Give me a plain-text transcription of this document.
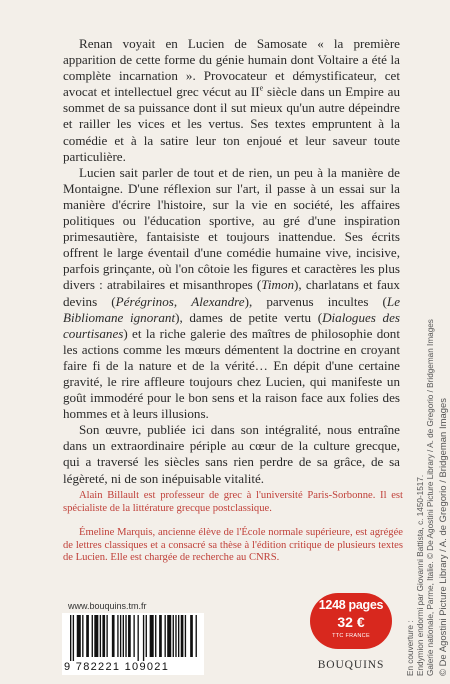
Renan voyait en Lucien de Samosate « la première apparition de cette forme du génie humain dont Voltaire a été la complète incarnation ». Provocateur et démystificateur, cet avocat et intellectuel grec vécut au IIe siècle dans un Empire au sommet de sa puissance dont il sut mieux qu'un autre dépeindre et railler les vices et les vertus. Ses textes empruntent à la comédie et à la satire leur ton enjoué et leur saveur toute particulière.

Lucien sait parler de tout et de rien, un peu à la manière de Montaigne. D'une réflexion sur l'art, il passe à un essai sur la manière d'écrire l'histoire, sur la vie en société, les affaires politiques ou l'éducation sportive, au gré d'une inspiration primesautière, fantaisiste et toujours inattendue. Ses écrits offrent le large éventail d'une comédie humaine vive, incisive, parfois grinçante, où l'on côtoie les figures et caractères les plus divers : atrabilaires et misanthropes (Timon), charlatans et faux devins (Pérégrinos, Alexandre), parvenus incultes (Le Bibliomane ignorant), dames de petite vertu (Dialogues des courtisanes) et la riche galerie des maîtres de philosophie dont les actions comme les mœurs démentent la doctrine en croyant faire fi de la nature et de la vérité… En dépit d'une certaine gravité, le rire affleure toujours chez Lucien, qui manifeste un goût immodéré pour le bon sens et la raison face aux folies des hommes et à leurs illusions.

Son œuvre, publiée ici dans son intégralité, nous entraîne dans un extraordinaire périple au cœur de la culture grecque, qui a traversé les siècles sans rien perdre de sa grâce, de sa légèreté, ni de son inépuisable vitalité.

Alain Billault est professeur de grec à l'université Paris-Sorbonne. Il est spécialiste de la littérature grecque postclassique.

Émeline Marquis, ancienne élève de l'École normale supérieure, est agrégée de lettres classiques et a consacré sa thèse à l'édition critique de plusieurs textes de Lucien. Elle est chargée de recherche au CNRS.	© De Agostini Picture Library / A. de Gregorio / Bridgeman Images
En couverture : Endymion endormi par Giovanni Battista, c. 1450-1517. Galerie nationale, Parme, Italie. © De Agostini Picture Library / A. de Gregorio / Bridgeman Images
www.bouquins.tm.fr
9 782221 109021
1248 pages
32 €
TTC FRANCE
BOUQUINS
